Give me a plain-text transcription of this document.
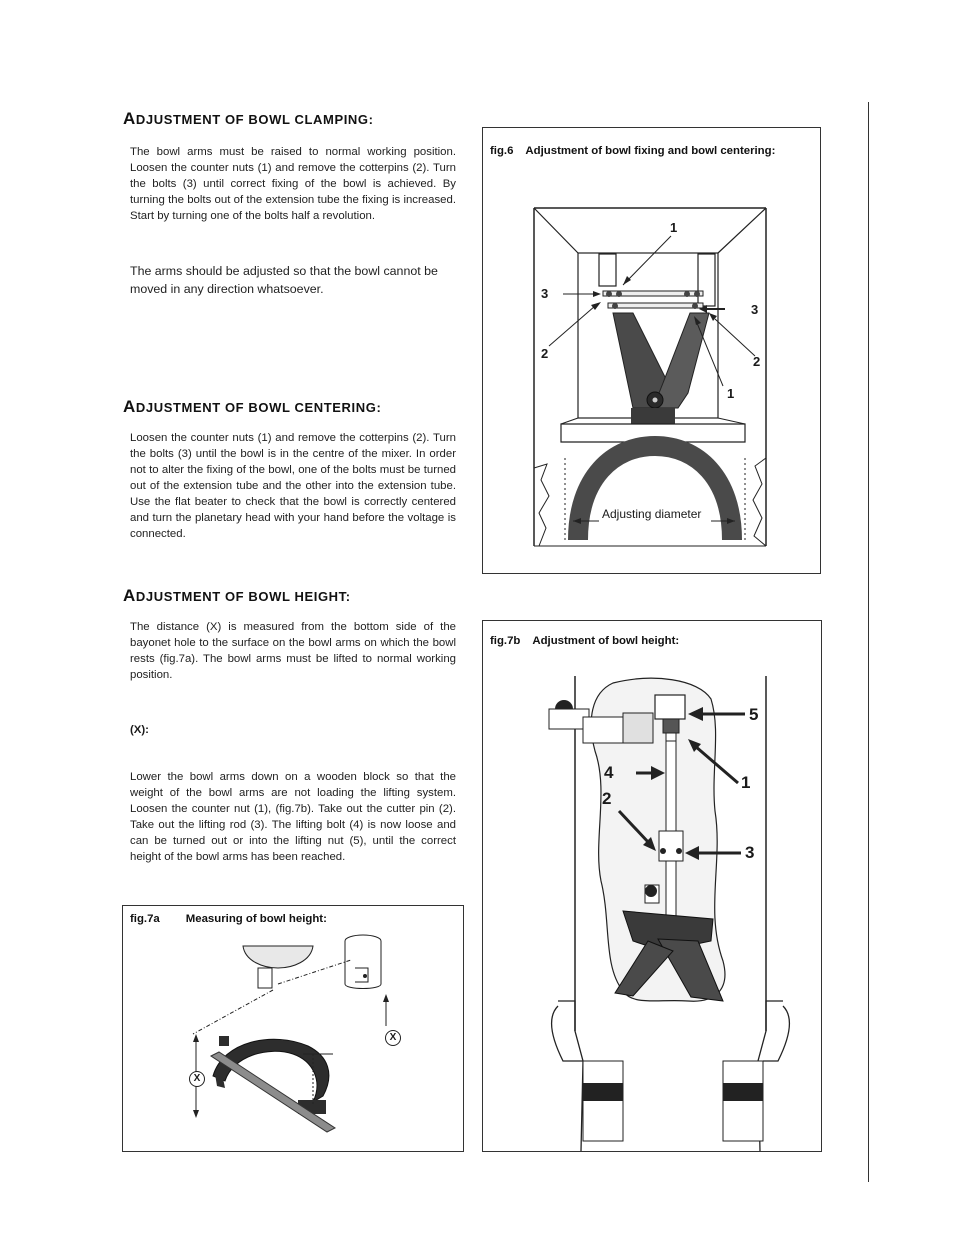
ADJUSTMENT OF BOWL CLAMPING:
The bowl arms must be raised to normal working position. Loosen the counter nuts (1) and remove the cotterpins (2). Turn the bolts (3) until correct fixing of the bowl is achieved. By turning the bolts out of the extension tube the fixing is increased. Start by turning one of the bolts half a revolution.
The arms should be adjusted so that the bowl cannot be moved in any direction whatsoever.
ADJUSTMENT OF BOWL CENTERING:
Loosen the counter nuts (1) and remove the cotterpins (2). Turn the bolts (3) until the bowl is in the centre of the mixer. In order not to alter the fixing of the bowl, one of the bolts must be turned out of the extension tube and the other into the extension tube. Use the flat beater to check that the bowl is correctly centered and turn the planetary head with your hand before the voltage is connected.
ADJUSTMENT OF BOWL HEIGHT:
The distance (X) is measured from the bottom side of the bayonet hole to the surface on the bowl arms on which the bowl rests (fig.7a). The bowl arms must be lifted to normal working position.
(X):
Lower the bowl arms down on a wooden block so that the weight of the bowl arms are not loading the lifting system. Loosen the counter nut (1), (fig.7b). Take out the cutter pin (2). Take out the lifting rod (3). The lifting bolt (4) is now loose and can be turned out or into the lifting nut (5), until the correct height of the bowl arms has been reached.
fig.6 Adjustment of bowl fixing and bowl centering:
1
3
3
2
2
1
Adjusting diameter
fig.7b Adjustment of bowl height:
5
4
1
2
3
fig.7a Measuring of bowl height:
X
X
